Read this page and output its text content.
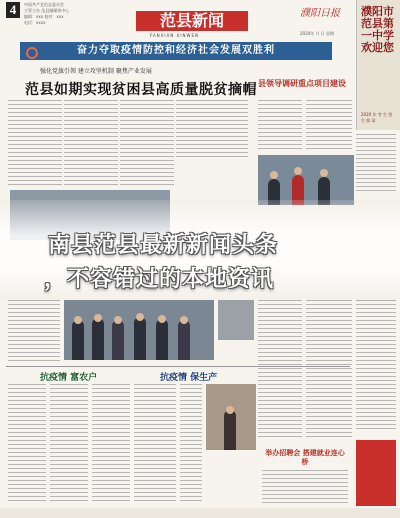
4	中国共产党范县委员会
主管主办 范县融媒体中心
编辑：xxx 校对：xxx
电话：xxxx	范县新闻
FANXIAN XINWEN
濮阳日报
2020年 月 日 星期
濮阳市范县第一中学欢迎您
2020 年 考 生 招 生 简 章
奋力夺取疫情防控和经济社会发展双胜利
强化党旗引领 建立攻坚机制 聚焦产业发展
范县如期实现贫困县高质量脱贫摘帽 县领导调研重点项目建设
抗疫情 富农户	抗疫情 保生产
举办招聘会 搭建就业连心桥
南县范县最新新闻头条
，不容错过的本地资讯
